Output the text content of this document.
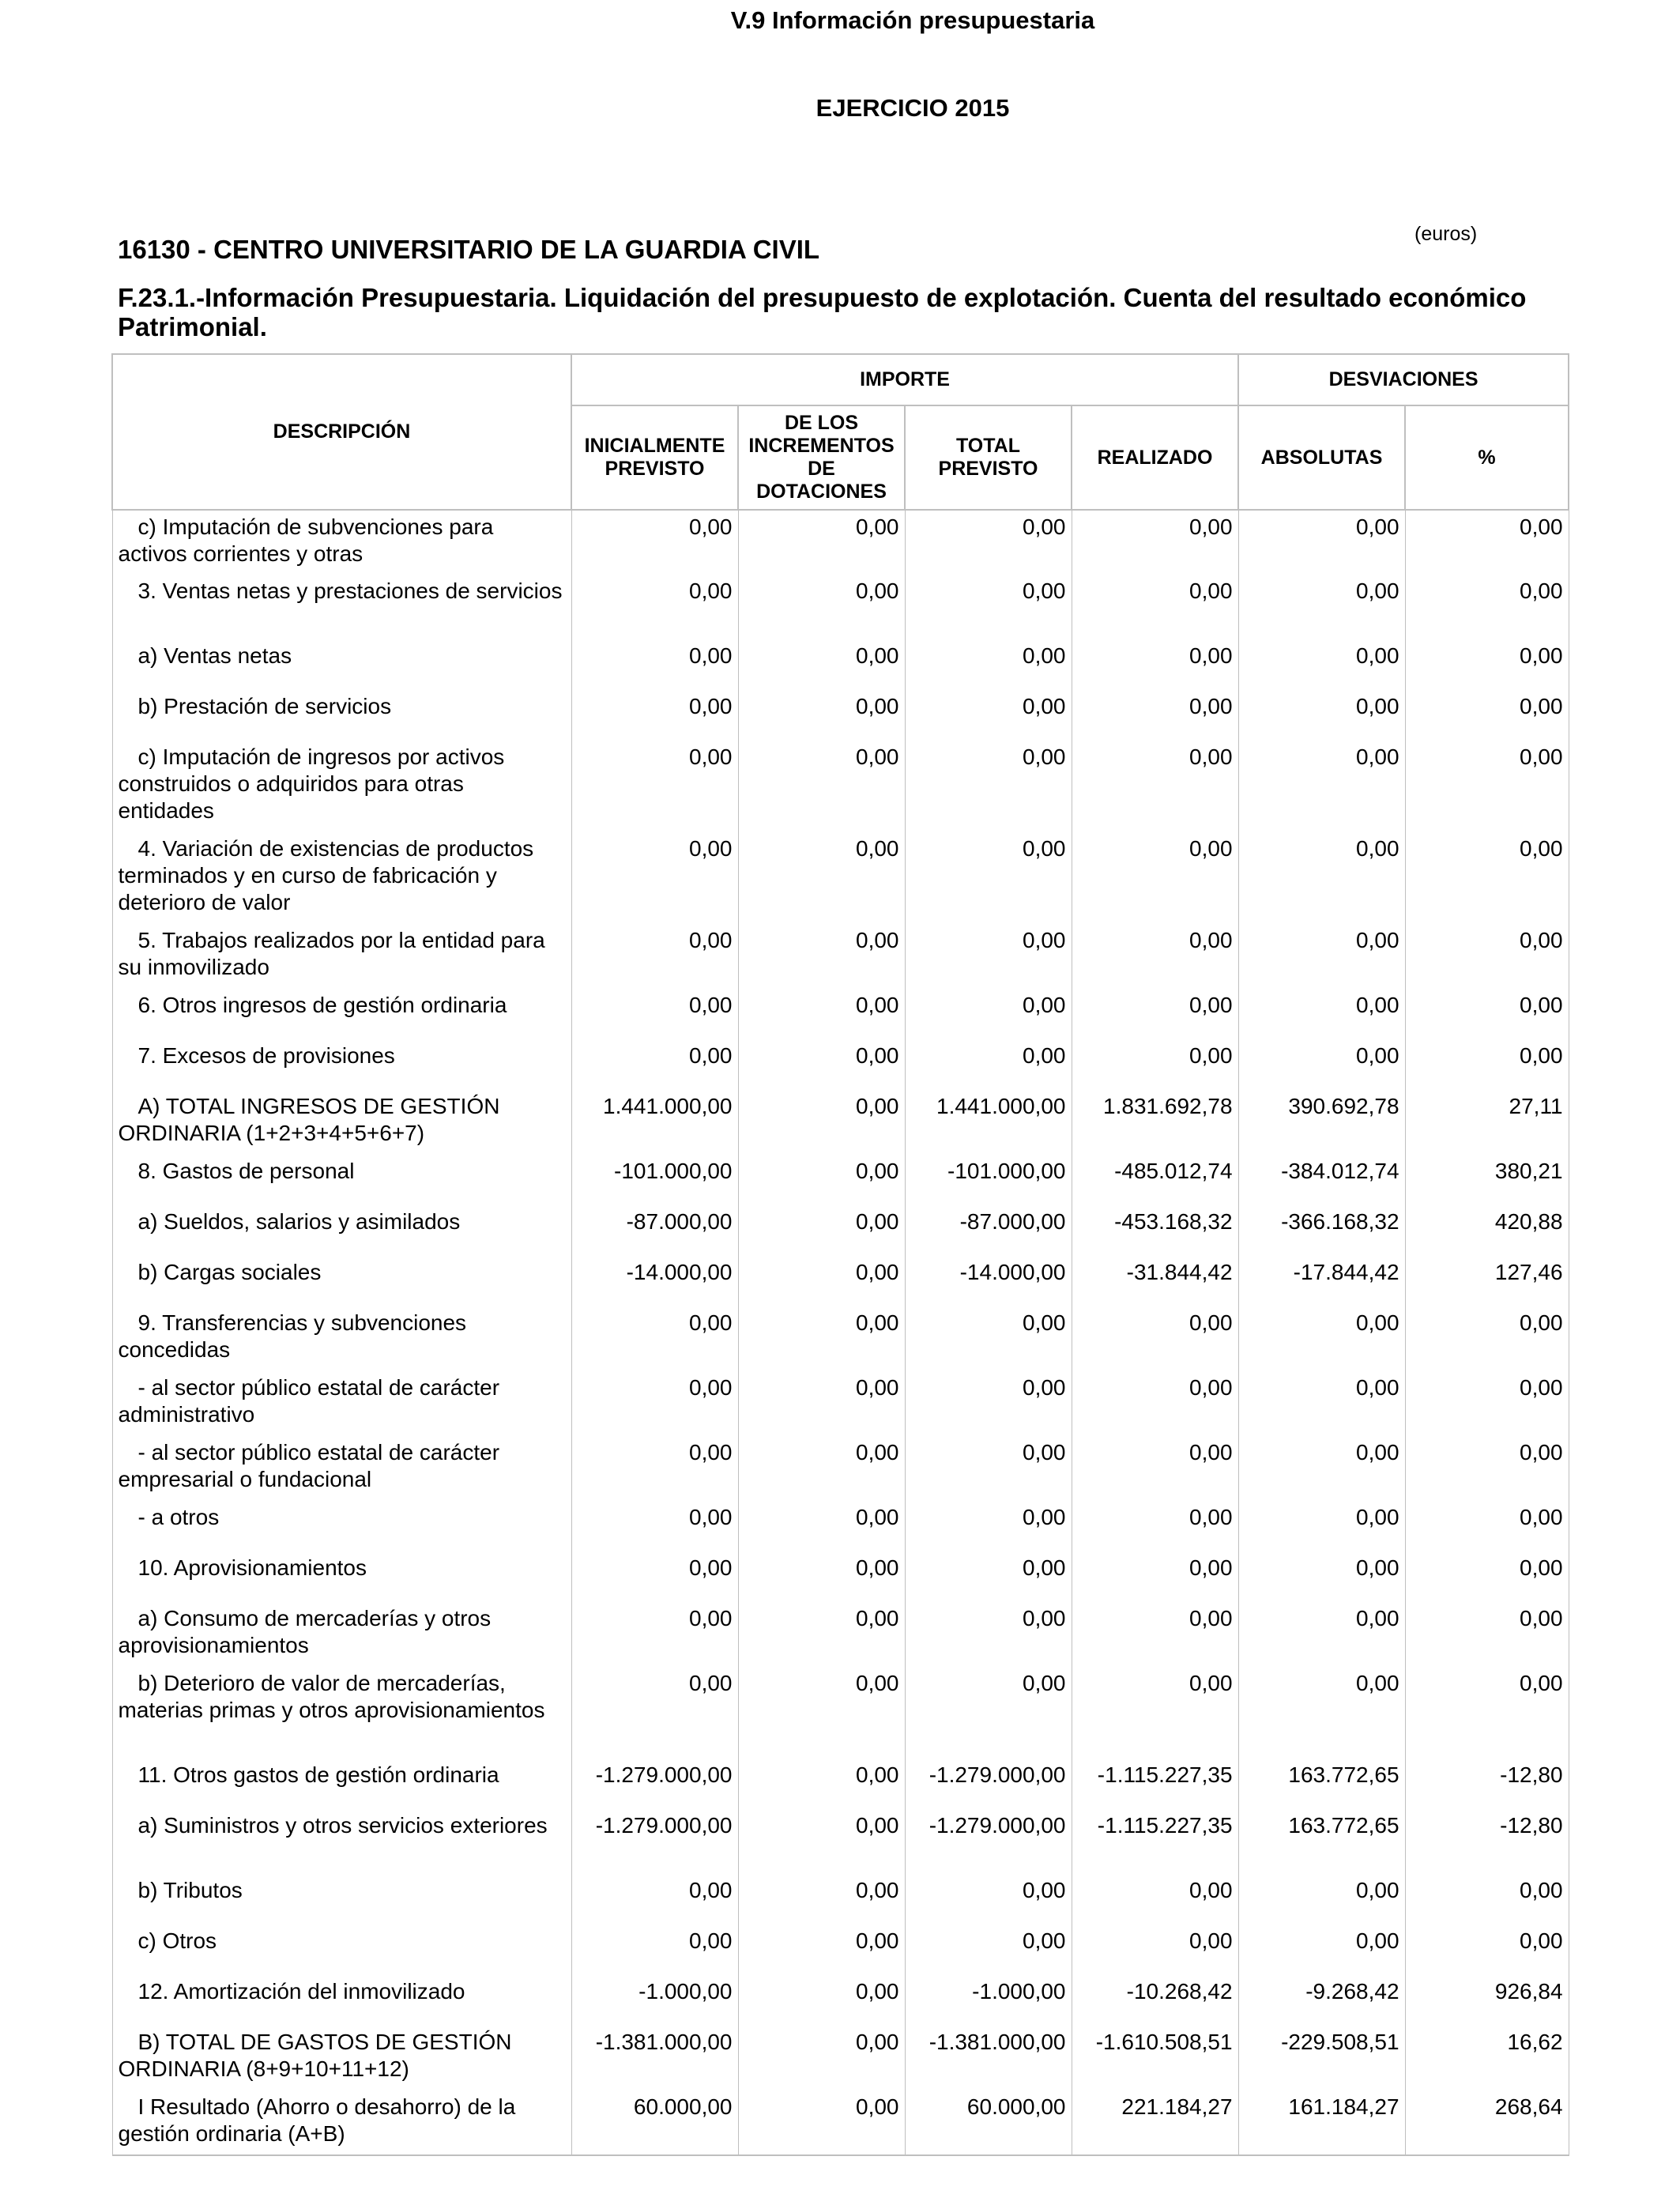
V.9 Información presupuestaria
EJERCICIO 2015
(euros)
16130 - CENTRO UNIVERSITARIO DE LA GUARDIA CIVIL
F.23.1.-Información Presupuestaria. Liquidación del presupuesto de explotación. Cuenta del resultado económico Patrimonial.
DESCRIPCIÓN	IMPORTE				DESVIACIONES	
	INICIALMENTE PREVISTO	DE LOS INCREMENTOS DE DOTACIONES	TOTAL PREVISTO	REALIZADO	ABSOLUTAS	%
c) Imputación de subvenciones para activos corrientes y otras	0,00	0,00	0,00	0,00	0,00	0,00
3. Ventas netas y prestaciones de servicios	0,00	0,00	0,00	0,00	0,00	0,00
a) Ventas netas	0,00	0,00	0,00	0,00	0,00	0,00
b) Prestación de servicios	0,00	0,00	0,00	0,00	0,00	0,00
c) Imputación de ingresos por activos construidos o adquiridos para otras entidades	0,00	0,00	0,00	0,00	0,00	0,00
4. Variación de existencias de productos terminados y en curso de fabricación y deterioro de valor	0,00	0,00	0,00	0,00	0,00	0,00
5. Trabajos realizados por la entidad para su inmovilizado	0,00	0,00	0,00	0,00	0,00	0,00
6. Otros ingresos de gestión ordinaria	0,00	0,00	0,00	0,00	0,00	0,00
7. Excesos de provisiones	0,00	0,00	0,00	0,00	0,00	0,00
A) TOTAL INGRESOS DE GESTIÓN ORDINARIA (1+2+3+4+5+6+7)	1.441.000,00	0,00	1.441.000,00	1.831.692,78	390.692,78	27,11
8. Gastos de personal	-101.000,00	0,00	-101.000,00	-485.012,74	-384.012,74	380,21
a) Sueldos, salarios y asimilados	-87.000,00	0,00	-87.000,00	-453.168,32	-366.168,32	420,88
b) Cargas sociales	-14.000,00	0,00	-14.000,00	-31.844,42	-17.844,42	127,46
9. Transferencias y subvenciones concedidas	0,00	0,00	0,00	0,00	0,00	0,00
- al sector público estatal de carácter administrativo	0,00	0,00	0,00	0,00	0,00	0,00
- al sector público estatal de carácter empresarial o fundacional	0,00	0,00	0,00	0,00	0,00	0,00
- a otros	0,00	0,00	0,00	0,00	0,00	0,00
10. Aprovisionamientos	0,00	0,00	0,00	0,00	0,00	0,00
a) Consumo de mercaderías y otros aprovisionamientos	0,00	0,00	0,00	0,00	0,00	0,00
b) Deterioro de valor de mercaderías, materias primas y otros aprovisionamientos	0,00	0,00	0,00	0,00	0,00	0,00
11. Otros gastos de gestión ordinaria	-1.279.000,00	0,00	-1.279.000,00	-1.115.227,35	163.772,65	-12,80
a) Suministros y otros servicios exteriores	-1.279.000,00	0,00	-1.279.000,00	-1.115.227,35	163.772,65	-12,80
b) Tributos	0,00	0,00	0,00	0,00	0,00	0,00
c) Otros	0,00	0,00	0,00	0,00	0,00	0,00
12. Amortización del inmovilizado	-1.000,00	0,00	-1.000,00	-10.268,42	-9.268,42	926,84
B) TOTAL DE GASTOS DE GESTIÓN ORDINARIA (8+9+10+11+12)	-1.381.000,00	0,00	-1.381.000,00	-1.610.508,51	-229.508,51	16,62
I Resultado (Ahorro o desahorro) de la gestión ordinaria (A+B)	60.000,00	0,00	60.000,00	221.184,27	161.184,27	268,64
